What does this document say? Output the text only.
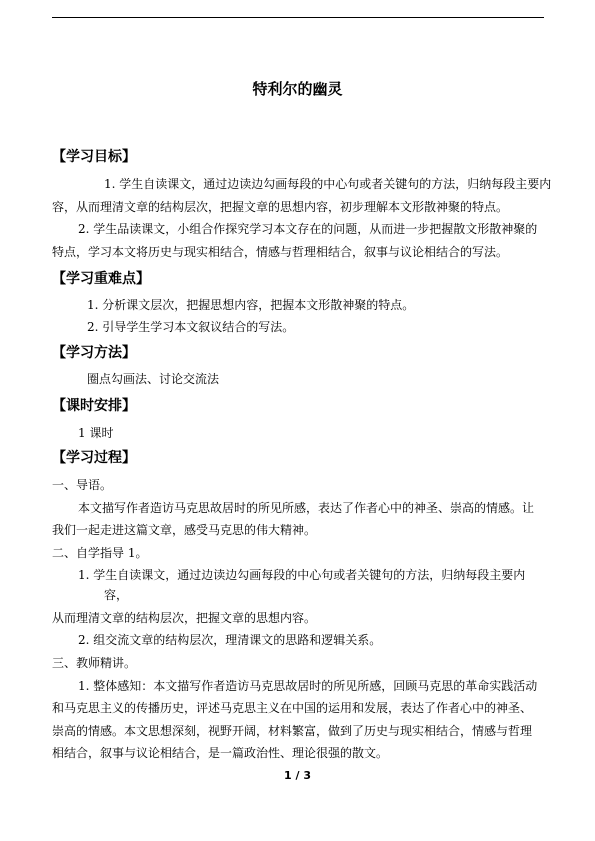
特利尔的幽灵
【学习目标】
1. 学生自读课文，通过边读边勾画每段的中心句或者关键句的方法，归纳每段主要内
容，从而理清文章的结构层次，把握文章的思想内容，初步理解本文形散神聚的特点。
2. 学生品读课文，小组合作探究学习本文存在的问题，从而进一步把握散文形散神聚的
特点，学习本文将历史与现实相结合，情感与哲理相结合，叙事与议论相结合的写法。
【学习重难点】
1. 分析课文层次，把握思想内容，把握本文形散神聚的特点。
2. 引导学生学习本文叙议结合的写法。
【学习方法】
圈点勾画法、讨论交流法
【课时安排】
1 课时
【学习过程】
一、导语。
本文描写作者造访马克思故居时的所见所感，表达了作者心中的神圣、崇高的情感。让
我们一起走进这篇文章，感受马克思的伟大精神。
二、自学指导 1。
1. 学生自读课文，通过边读边勾画每段的中心句或者关键句的方法，归纳每段主要内
容，
从而理清文章的结构层次，把握文章的思想内容。
2. 组交流文章的结构层次，理清课文的思路和逻辑关系。
三、教师精讲。
1. 整体感知：本文描写作者造访马克思故居时的所见所感，回顾马克思的革命实践活动
和马克思主义的传播历史，评述马克思主义在中国的运用和发展，表达了作者心中的神圣、
崇高的情感。本文思想深刻，视野开阔，材料繁富，做到了历史与现实相结合，情感与哲理
相结合，叙事与议论相结合，是一篇政治性、理论很强的散文。
1 / 3
